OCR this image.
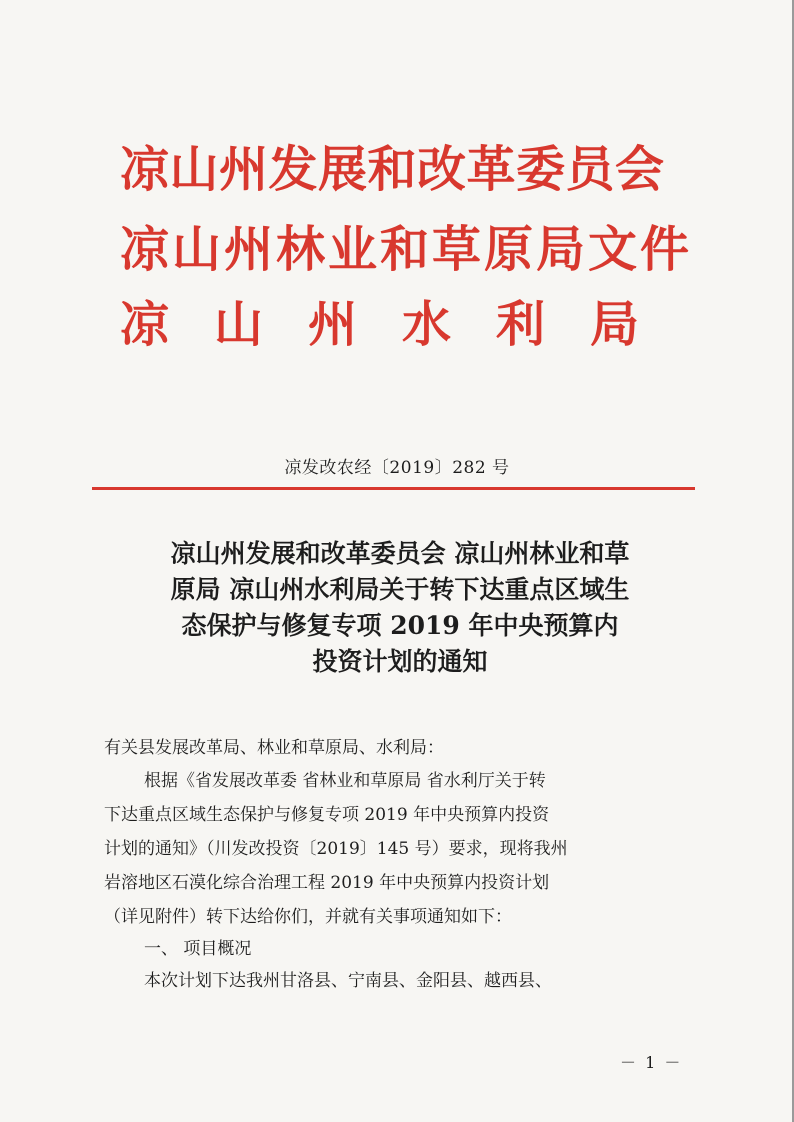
凉山州发展和改革委员会
凉山州林业和草原局文件
凉山州水利局
凉发改农经〔2019〕282 号
凉山州发展和改革委员会 凉山州林业和草
原局 凉山州水利局关于转下达重点区域生
态保护与修复专项 2019 年中央预算内
投资计划的通知
有关县发展改革局、林业和草原局、水利局：

根据《省发展改革委 省林业和草原局 省水利厅关于转

下达重点区域生态保护与修复专项 2019 年中央预算内投资

计划的通知》（川发改投资〔2019〕145 号）要求，现将我州

岩溶地区石漠化综合治理工程 2019 年中央预算内投资计划

（详见附件）转下达给你们，并就有关事项通知如下：

一、 项目概况
本次计划下达我州甘洛县、宁南县、金阳县、越西县、
－ 1 －
